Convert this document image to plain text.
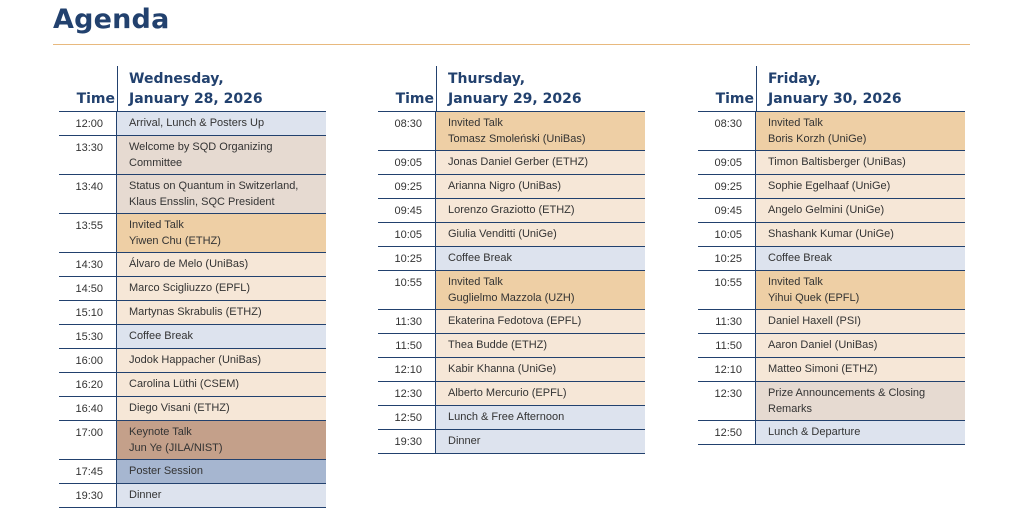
Agenda
Time
Wednesday,
January 28, 2026
12:00	Arrival, Lunch & Posters Up
13:30	Welcome by SQD Organizing
Committee
13:40	Status on Quantum in Switzerland,
Klaus Ensslin, SQC President
13:55	Invited Talk
Yiwen Chu (ETHZ)
14:30	Álvaro de Melo (UniBas)
14:50	Marco Scigliuzzo (EPFL)
15:10	Martynas Skrabulis (ETHZ)
15:30	Coffee Break
16:00	Jodok Happacher (UniBas)
16:20	Carolina Lüthi (CSEM)
16:40	Diego Visani (ETHZ)
17:00	Keynote Talk
Jun Ye (JILA/NIST)
17:45	Poster Session
19:30	Dinner
Time
Thursday,
January 29, 2026
08:30	Invited Talk
Tomasz Smoleński (UniBas)
09:05	Jonas Daniel Gerber (ETHZ)
09:25	Arianna Nigro (UniBas)
09:45	Lorenzo Graziotto (ETHZ)
10:05	Giulia Venditti (UniGe)
10:25	Coffee Break
10:55	Invited Talk
Guglielmo Mazzola (UZH)
11:30	Ekaterina Fedotova (EPFL)
11:50	Thea Budde (ETHZ)
12:10	Kabir Khanna (UniGe)
12:30	Alberto Mercurio (EPFL)
12:50	Lunch & Free Afternoon
19:30	Dinner
Time
Friday,
January 30, 2026
08:30	Invited Talk
Boris Korzh (UniGe)
09:05	Timon Baltisberger (UniBas)
09:25	Sophie Egelhaaf (UniGe)
09:45	Angelo Gelmini (UniGe)
10:05	Shashank Kumar (UniGe)
10:25	Coffee Break
10:55	Invited Talk
Yihui Quek (EPFL)
11:30	Daniel Haxell (PSI)
11:50	Aaron Daniel (UniBas)
12:10	Matteo Simoni (ETHZ)
12:30	Prize Announcements & Closing
Remarks
12:50	Lunch & Departure
